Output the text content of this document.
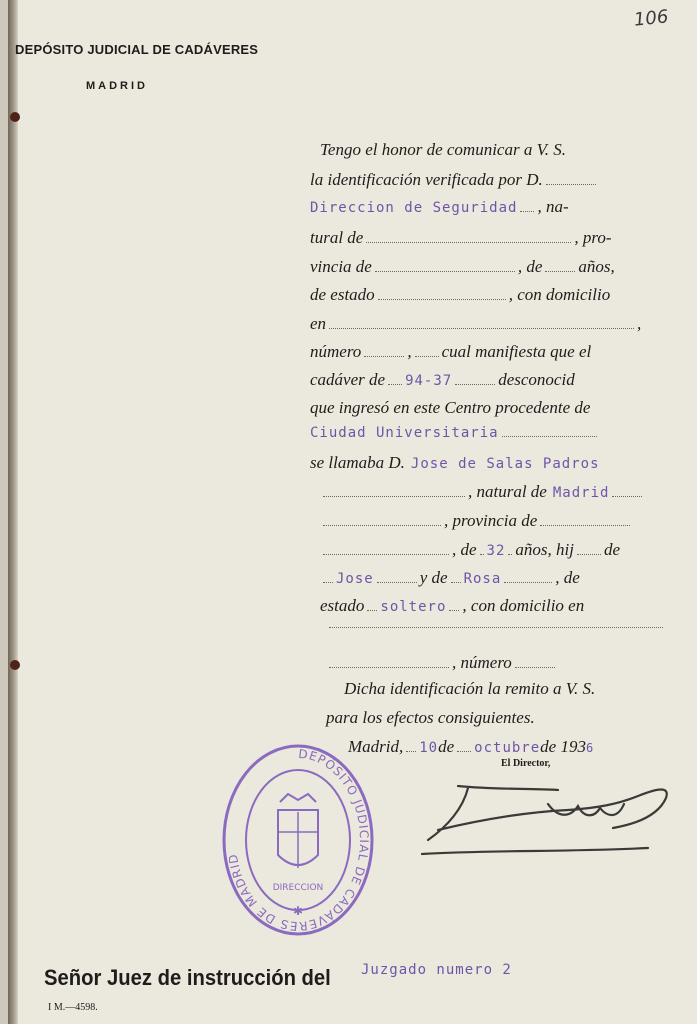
DEPÓSITO JUDICIAL DE CADÁVERES
MADRID
106
Tengo el honor de comunicar a V. S.
la identificación verificada por D.
Direccion de Seguridad , na-
tural de	, pro-
vincia de	, de años,
de estado	, con domicilio
en	,
número	, cual manifiesta que el
cadáver de 94-37	desconocid
que ingresó en este Centro procedente de
Ciudad Universitaria
se llamaba D. Jose de Salas Padros
, natural de Madrid
, provincia de
, de 32 años, hij de
Jose	y de Rosa	, de
estado soltero , con domicilio en
, número
Dicha identificación la remito a V. S.
para los efectos consiguientes.
Madrid, 10 de octubre de 193 6
El Director,
DEPÓSITO JUDICIAL DE CADÁVERES DE MADRID
DIRECCION
✱
Señor Juez de instrucción del Juzgado numero 2
I M.—4598.
